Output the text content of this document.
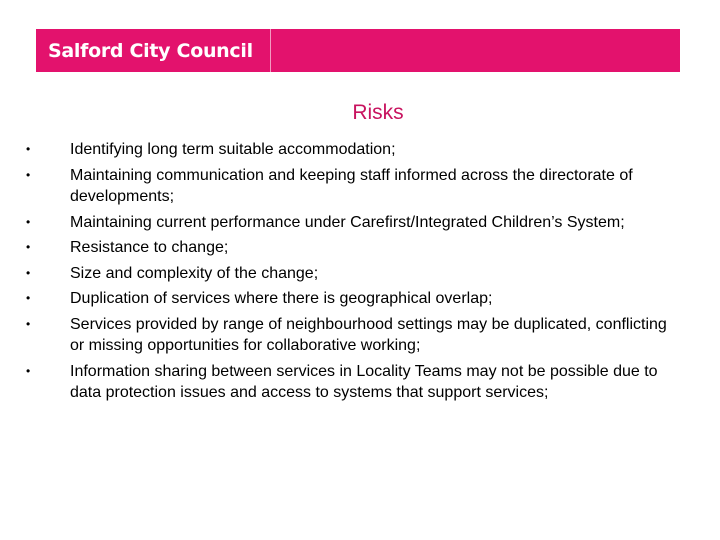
Salford City Council
Risks
•	Identifying long term suitable accommodation;
•	Maintaining communication and keeping staff informed across the directorate of developments;
•	Maintaining current performance under Carefirst/Integrated Children’s System;
•	Resistance to change;
•	Size and complexity of the change;
•	Duplication of services where there is geographical overlap;
•	Services provided by range of neighbourhood settings may be duplicated, conflicting or missing opportunities for collaborative working;
•	Information sharing between services in Locality Teams may not be possible due to data protection issues and access to systems that support services;
